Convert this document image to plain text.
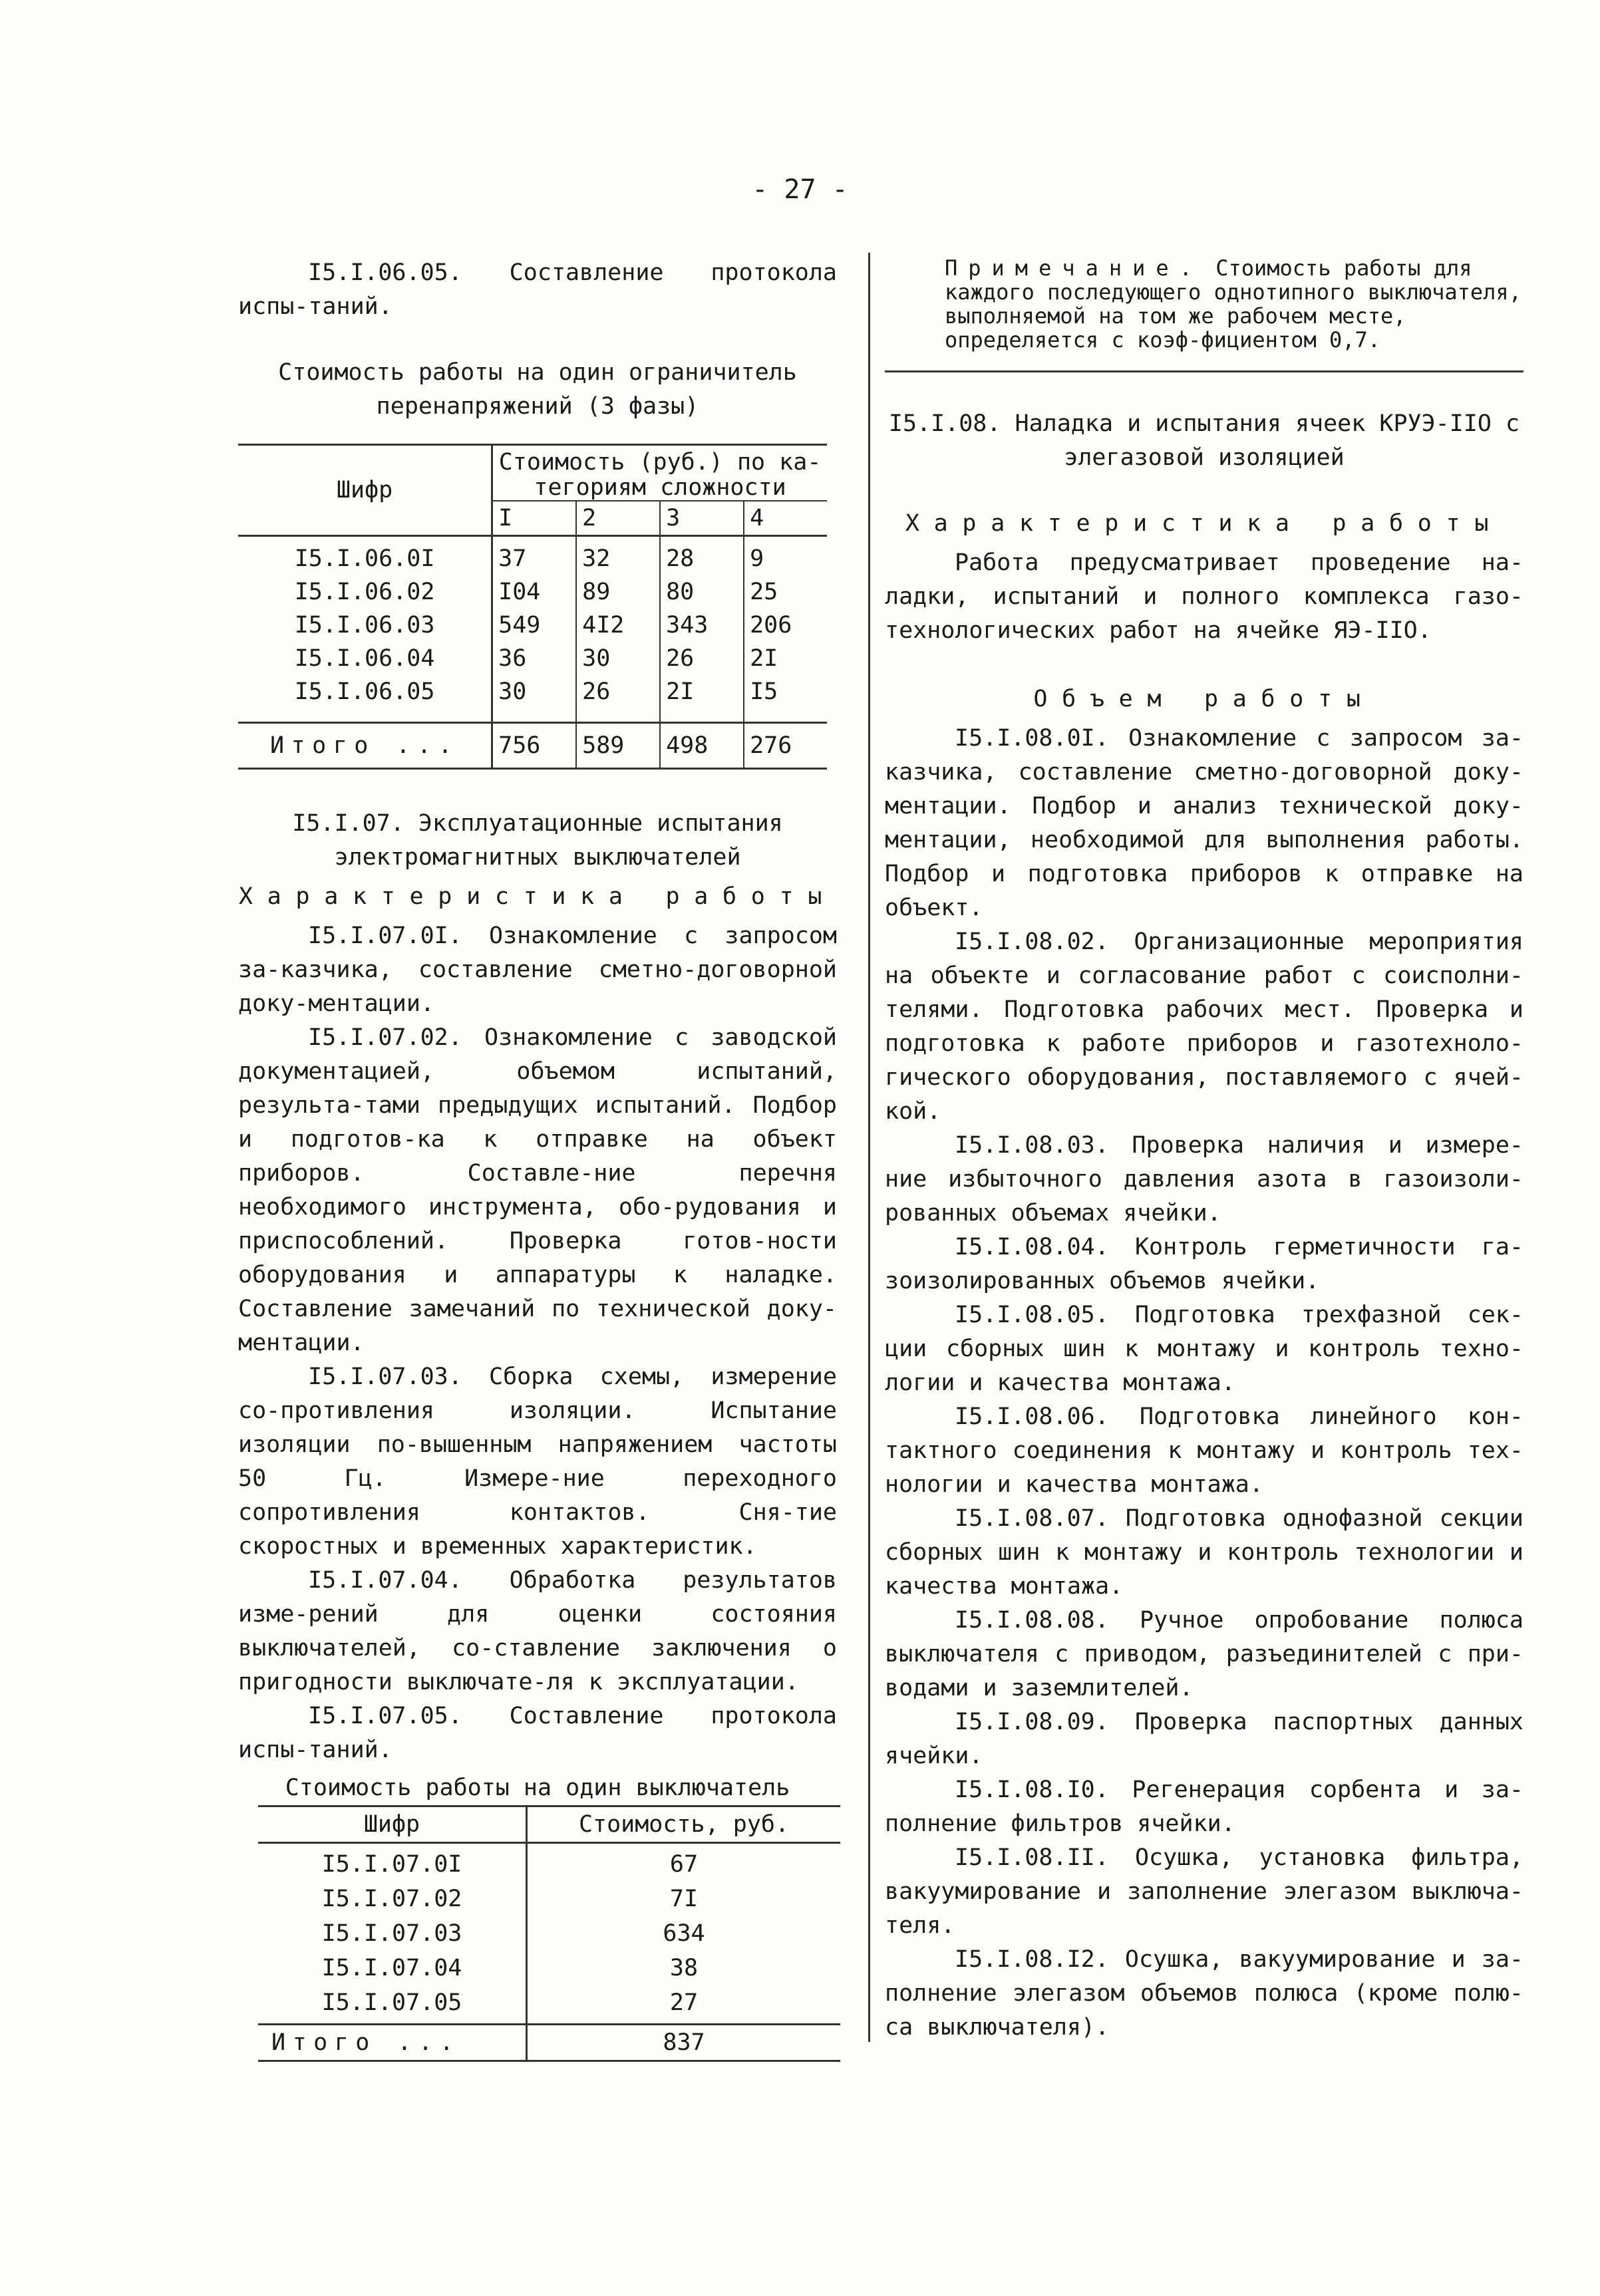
- 27 -

I5.I.06.05. Составление протокола испы-таний.

Стоимость работы на один ограничитель перенапряжений (3 фазы)

Шифр	Стоимость (руб.) по ка-тегориям сложности			
	I	2	3	4
I5.I.06.0I	37	32	28	9
I5.I.06.02	I04	89	80	25
I5.I.06.03	549	4I2	343	206
I5.I.06.04	36	30	26	2I
I5.I.06.05	30	26	2I	I5
Итого ...	756	589	498	276

I5.I.07. Эксплуатационные испытания электромагнитных выключателей

Характеристика работы

I5.I.07.0I. Ознакомление с запросом за-казчика, составление сметно-договорной доку-ментации.

I5.I.07.02. Ознакомление с заводской документацией, объемом испытаний, результа-тами предыдущих испытаний. Подбор и подготов-ка к отправке на объект приборов. Составле-ние перечня необходимого инструмента, обо-рудования и приспособлений. Проверка готов-ности оборудования и аппаратуры к наладке. Составление замечаний по технической доку-ментации.

I5.I.07.03. Сборка схемы, измерение со-противления изоляции. Испытание изоляции по-вышенным напряжением частоты 50 Гц. Измере-ние переходного сопротивления контактов. Сня-тие скоростных и временных характеристик.

I5.I.07.04. Обработка результатов изме-рений для оценки состояния выключателей, со-ставление заключения о пригодности выключате-ля к эксплуатации.

I5.I.07.05. Составление протокола испы-таний.

Стоимость работы на один выключатель

Шифр	Стоимость, руб.
I5.I.07.0I	67
I5.I.07.02	7I
I5.I.07.03	634
I5.I.07.04	38
I5.I.07.05	27
Итого ...	837
Примечание. Стоимость работы для каждого последующего однотипного выключателя, выполняемой на том же рабочем месте, определяется с коэф-фициентом 0,7.

I5.I.08. Наладка и испытания ячеек КРУЭ-IIO с элегазовой изоляцией

Характеристика работы

Работа предусматривает проведение на-ладки, испытаний и полного комплекса газо-технологических работ на ячейке ЯЭ-IIO.

Объем работы

I5.I.08.0I. Ознакомление с запросом за-казчика, составление сметно-договорной доку-ментации. Подбор и анализ технической доку-ментации, необходимой для выполнения работы. Подбор и подготовка приборов к отправке на объект.

I5.I.08.02. Организационные мероприятия на объекте и согласование работ с соисполни-телями. Подготовка рабочих мест. Проверка и подготовка к работе приборов и газотехноло-гического оборудования, поставляемого с ячей-кой.

I5.I.08.03. Проверка наличия и измере-ние избыточного давления азота в газоизоли-рованных объемах ячейки.

I5.I.08.04. Контроль герметичности га-зоизолированных объемов ячейки.

I5.I.08.05. Подготовка трехфазной сек-ции сборных шин к монтажу и контроль техно-логии и качества монтажа.

I5.I.08.06. Подготовка линейного кон-тактного соединения к монтажу и контроль тех-нологии и качества монтажа.

I5.I.08.07. Подготовка однофазной секции сборных шин к монтажу и контроль технологии и качества монтажа.

I5.I.08.08. Ручное опробование полюса выключателя с приводом, разъединителей с при-водами и заземлителей.

I5.I.08.09. Проверка паспортных данных ячейки.

I5.I.08.I0. Регенерация сорбента и за-полнение фильтров ячейки.

I5.I.08.II. Осушка, установка фильтра, вакуумирование и заполнение элегазом выключа-теля.

I5.I.08.I2. Осушка, вакуумирование и за-полнение элегазом объемов полюса (кроме полю-са выключателя).
